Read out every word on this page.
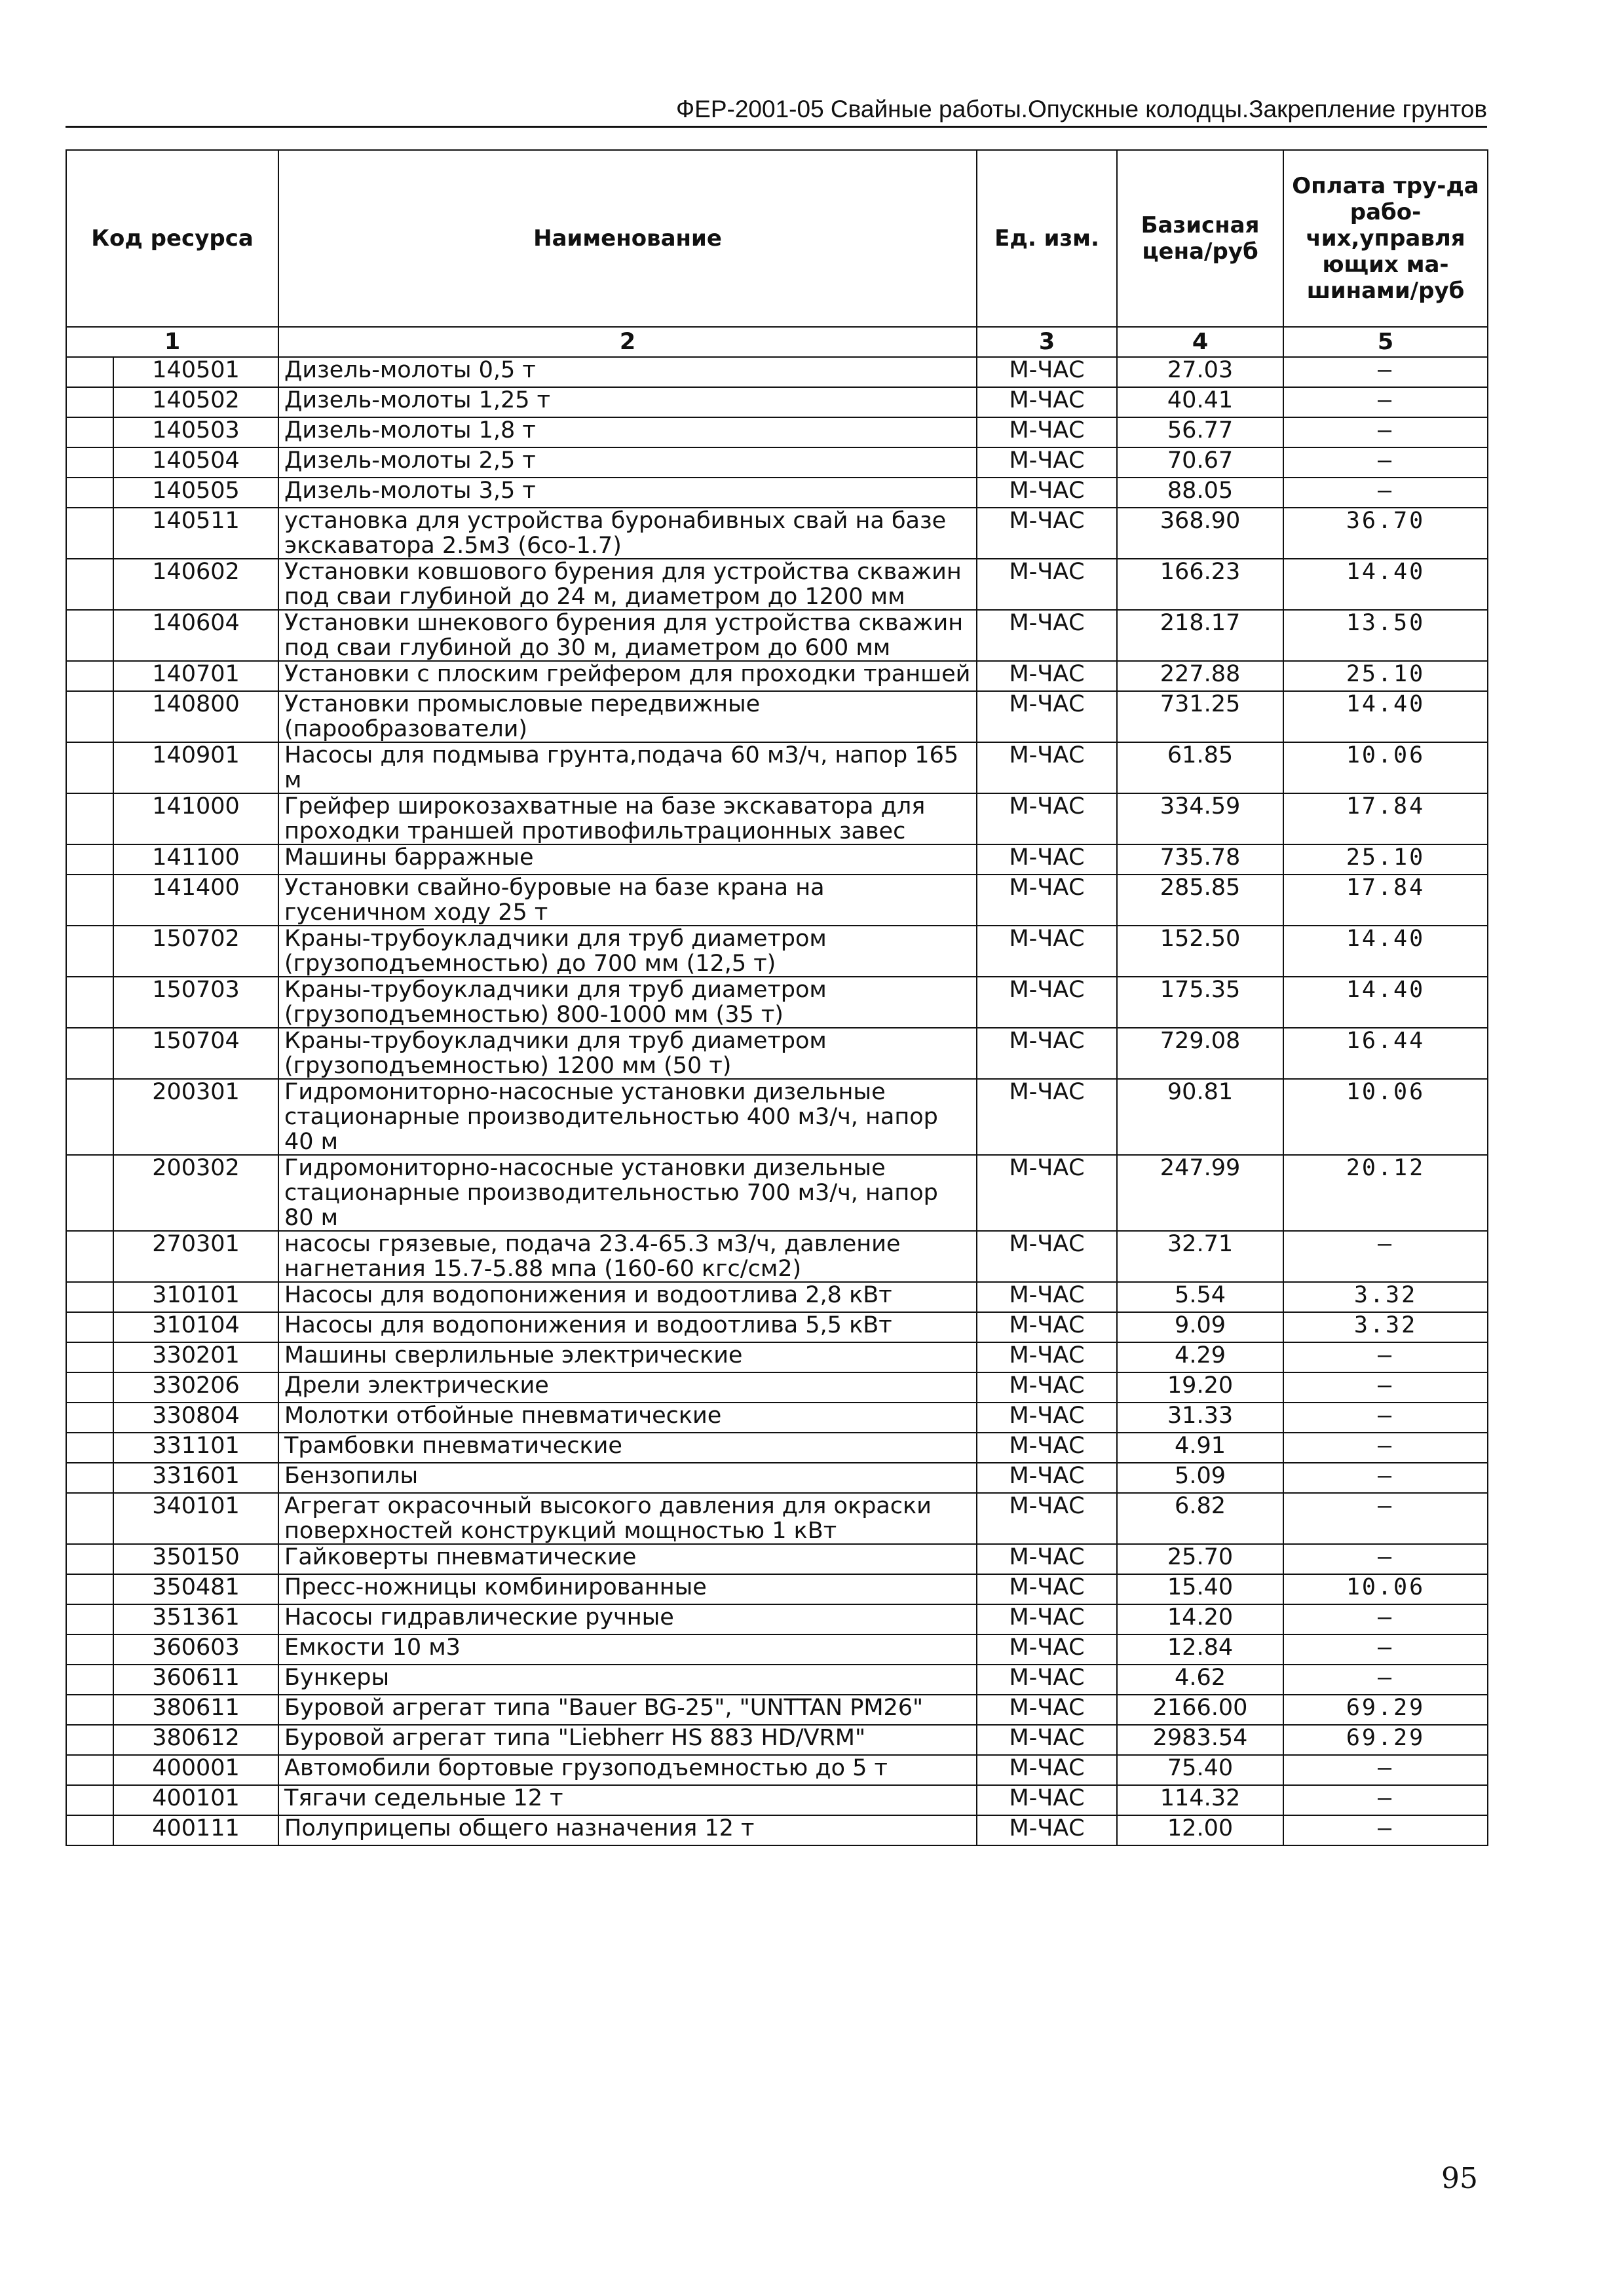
ФЕР-2001-05 Свайные работы.Опускные колодцы.Закрепление грунтов
Код ресурса		Наименование	Ед. изм.	Базисная цена/руб	Оплата тру-да рабо-чих,управля ющих ма-шинами/руб
1		2	3	4	5
	140501	Дизель-молоты 0,5 т	М-ЧАС	27.03	–
	140502	Дизель-молоты 1,25 т	М-ЧАС	40.41	–
	140503	Дизель-молоты 1,8 т	М-ЧАС	56.77	–
	140504	Дизель-молоты 2,5 т	М-ЧАС	70.67	–
	140505	Дизель-молоты 3,5 т	М-ЧАС	88.05	–
	140511	установка для устройства буронабивных свай на базе экскаватора 2.5м3 (6со-1.7)	М-ЧАС	368.90	36.70
	140602	Установки ковшового бурения для устройства скважин под сваи глубиной до 24 м, диаметром до 1200 мм	М-ЧАС	166.23	14.40
	140604	Установки шнекового бурения для устройства скважин под сваи глубиной до 30 м, диаметром до 600 мм	М-ЧАС	218.17	13.50
	140701	Установки с плоским грейфером для проходки траншей	М-ЧАС	227.88	25.10
	140800	Установки промысловые передвижные (парообразователи)	М-ЧАС	731.25	14.40
	140901	Насосы для подмыва грунта,подача 60 м3/ч, напор 165 м	М-ЧАС	61.85	10.06
	141000	Грейфер широкозахватные на базе экскаватора для проходки траншей противофильтрационных завес	М-ЧАС	334.59	17.84
	141100	Машины барражные	М-ЧАС	735.78	25.10
	141400	Установки свайно-буровые на базе крана на гусеничном ходу 25 т	М-ЧАС	285.85	17.84
	150702	Краны-трубоукладчики для труб диаметром (грузоподъемностью) до 700 мм (12,5 т)	М-ЧАС	152.50	14.40
	150703	Краны-трубоукладчики для труб диаметром (грузоподъемностью) 800-1000 мм (35 т)	М-ЧАС	175.35	14.40
	150704	Краны-трубоукладчики для труб диаметром (грузоподъемностью) 1200 мм (50 т)	М-ЧАС	729.08	16.44
	200301	Гидромониторно-насосные установки дизельные стационарные производительностью 400 м3/ч, напор 40 м	М-ЧАС	90.81	10.06
	200302	Гидромониторно-насосные установки дизельные стационарные производительностью 700 м3/ч, напор 80 м	М-ЧАС	247.99	20.12
	270301	насосы грязевые, подача 23.4-65.3 м3/ч, давление нагнетания 15.7-5.88 мпа (160-60 кгс/см2)	М-ЧАС	32.71	–
	310101	Насосы для водопонижения и водоотлива 2,8 кВт	М-ЧАС	5.54	3.32
	310104	Насосы для водопонижения и водоотлива 5,5 кВт	М-ЧАС	9.09	3.32
	330201	Машины сверлильные электрические	М-ЧАС	4.29	–
	330206	Дрели электрические	М-ЧАС	19.20	–
	330804	Молотки отбойные пневматические	М-ЧАС	31.33	–
	331101	Трамбовки пневматические	М-ЧАС	4.91	–
	331601	Бензопилы	М-ЧАС	5.09	–
	340101	Агрегат окрасочный высокого давления для окраски поверхностей конструкций мощностью 1 кВт	М-ЧАС	6.82	–
	350150	Гайковерты пневматические	М-ЧАС	25.70	–
	350481	Пресс-ножницы комбинированные	М-ЧАС	15.40	10.06
	351361	Насосы гидравлические ручные	М-ЧАС	14.20	–
	360603	Емкости 10 м3	М-ЧАС	12.84	–
	360611	Бункеры	М-ЧАС	4.62	–
	380611	Буровой агрегат типа "Bauer BG-25", "UNTTAN PM26"	М-ЧАС	2166.00	69.29
	380612	Буровой агрегат типа "Liebherr HS 883 HD/VRM"	М-ЧАС	2983.54	69.29
	400001	Автомобили бортовые грузоподъемностью до 5 т	М-ЧАС	75.40	–
	400101	Тягачи седельные 12 т	М-ЧАС	114.32	–
	400111	Полуприцепы общего назначения 12 т	М-ЧАС	12.00	–
95
